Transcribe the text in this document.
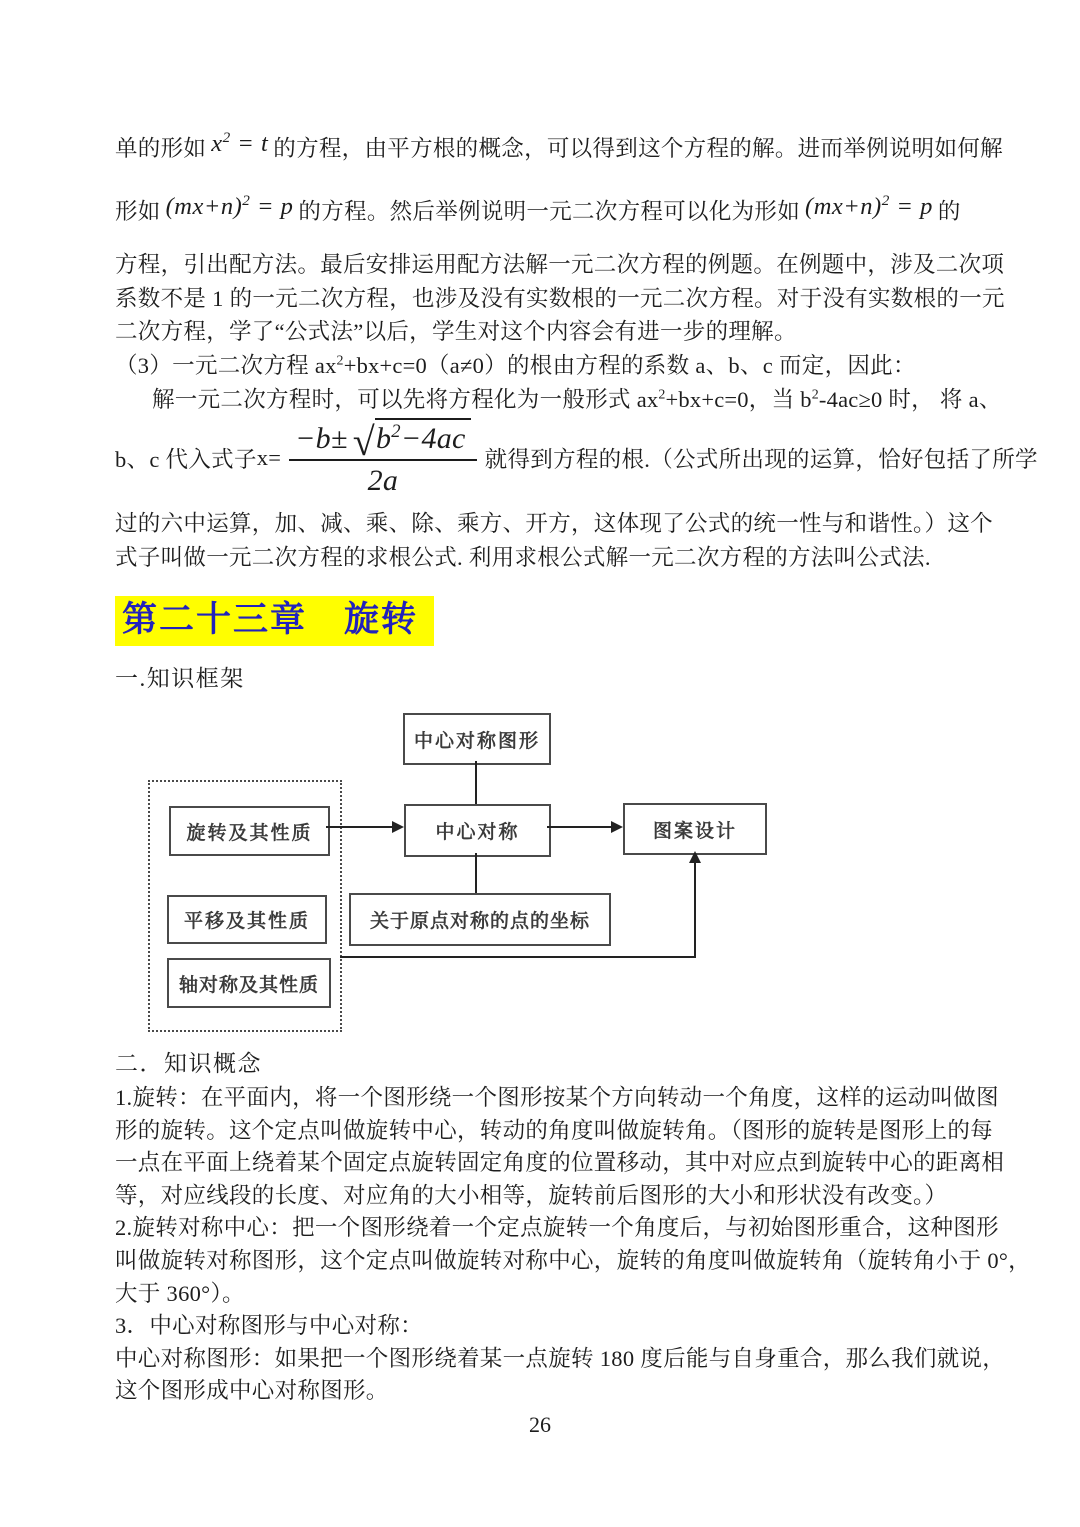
单的形如 $x^2 = t$ 的方程，由平方根的概念，可以得到这个方程的解。进而举例说明如何解
形如 $(mx+n)^2 = p$ 的方程。然后举例说明一元二次方程可以化为形如 $(mx+n)^2 = p$ 的
方程，引出配方法。最后安排运用配方法解一元二次方程的例题。在例题中，涉及二次项
系数不是 1 的一元二次方程，也涉及没有实数根的一元二次方程。对于没有实数根的一元
二次方程，学了“公式法”以后，学生对这个内容会有进一步的理解。
（3）一元二次方程 $ax^2+bx+c=0(a\ne 0)$的根由方程的系数 a、b、c 而定，因此：
解一元二次方程时，可以先将方程化为一般形式 $ax^2+bx+c=0$，当 $b^2-4ac\ge 0$ 时， 将 a、
b、c 代入式子 $x= \frac{-b\pm √ b^2-4ac}{2a}$ 就得到方程的根.（公式所出现的运算，恰好包括了所学
过的六中运算，加、减、乘、除、乘方、开方，这体现了公式的统一性与和谐性。）这个
式子叫做一元二次方程的求根公式. 利用求根公式解一元二次方程的方法叫公式法.
第二十三章　旋转
一.知识框架
中心对称图形
旋转及其性质	中心对称	图案设计
平移及其性质	关于原点对称的点的坐标
轴对称及其性质
二．知识概念
1.旋转：在平面内，将一个图形绕一个图形按某个方向转动一个角度，这样的运动叫做图
形的旋转。这个定点叫做旋转中心，转动的角度叫做旋转角。（图形的旋转是图形上的每
一点在平面上绕着某个固定点旋转固定角度的位置移动，其中对应点到旋转中心的距离相
等，对应线段的长度、对应角的大小相等，旋转前后图形的大小和形状没有改变。）
2.旋转对称中心：把一个图形绕着一个定点旋转一个角度后，与初始图形重合，这种图形
叫做旋转对称图形，这个定点叫做旋转对称中心，旋转的角度叫做旋转角（旋转角小于 0°，
大于 360°）。
3．中心对称图形与中心对称：
中心对称图形：如果把一个图形绕着某一点旋转 180 度后能与自身重合，那么我们就说，
这个图形成中心对称图形。
26
